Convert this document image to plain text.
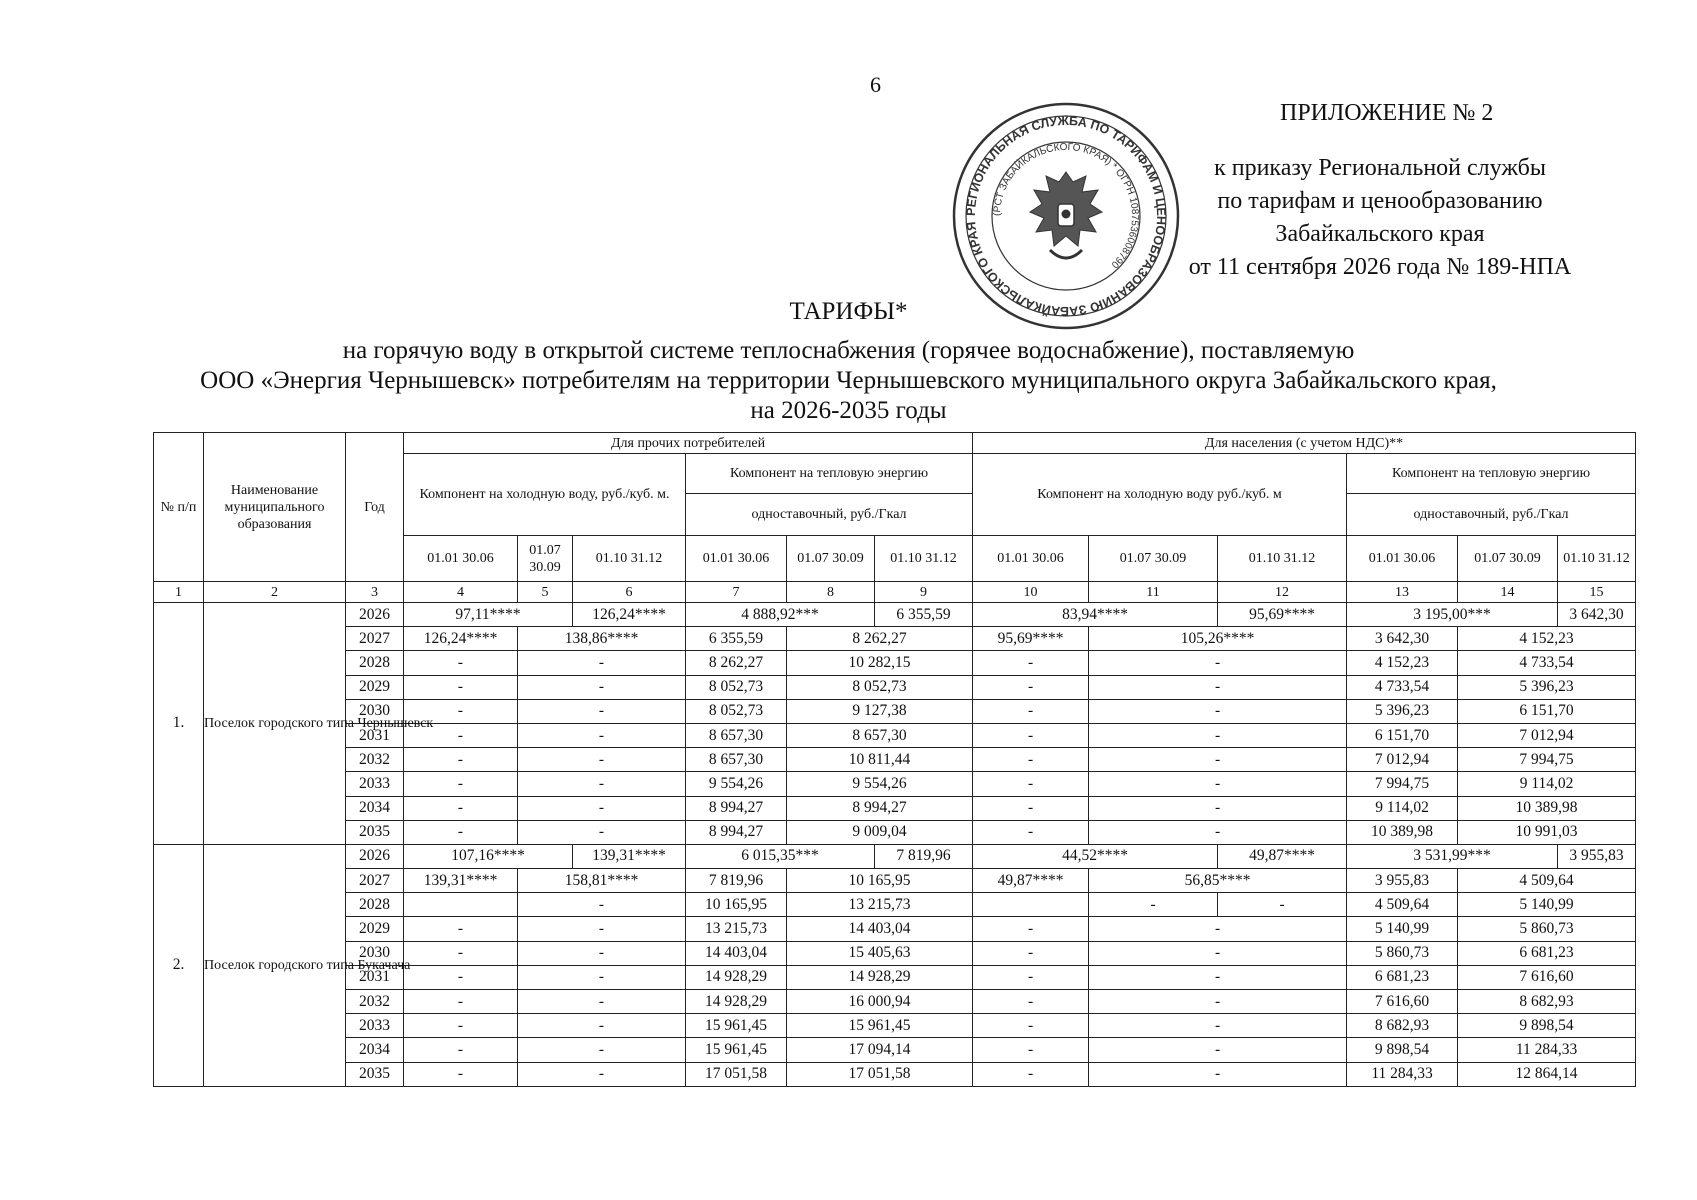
6
РЕГИОНАЛЬНАЯ СЛУЖБА ПО ТАРИФАМ И ЦЕНООБРАЗОВАНИЮ ЗАБАЙКАЛЬСКОГО КРАЯ
(РСТ ЗАБАЙКАЛЬСКОГО КРАЯ) * ОГРН 1087536008790
ПРИЛОЖЕНИЕ № 2
к приказу Региональной службы
по тарифам и ценообразованию
Забайкальского края
от 11 сентября 2026 года № 189-НПА
ТАРИФЫ*
на горячую воду в открытой системе теплоснабжения (горячее водоснабжение), поставляемую
ООО «Энергия Чернышевск» потребителям на территории Чернышевского муниципального округа Забайкальского края,
на 2026-2035 годы
№ п/п	Наименование муниципального образования	Год	Для прочих потребителей						Для населения (с учетом НДС)**					
			Компонент на холодную воду, руб./куб. м.			Компонент на тепловую энергию			Компонент на холодную воду руб./куб. м			Компонент на тепловую энергию		
						одноставочный, руб./Гкал						одноставочный, руб./Гкал		
			01.01 30.06	01.07 30.09	01.10 31.12	01.01 30.06	01.07 30.09	01.10 31.12	01.01 30.06	01.07 30.09	01.10 31.12	01.01 30.06	01.07 30.09	01.10 31.12
1	2	3	4	5	6	7	8	9	10	11	12	13	14	15
1.	Поселок городского типа Чернышевск	2026	97,11****		126,24****	4 888,92***		6 355,59	83,94****		95,69****	3 195,00***		3 642,30
		2027	126,24****	138,86****		6 355,59	8 262,27		95,69****	105,26****		3 642,30	4 152,23	
		2028	-	-		8 262,27	10 282,15		-	-		4 152,23	4 733,54	
		2029	-	-		8 052,73	8 052,73		-	-		4 733,54	5 396,23	
		2030	-	-		8 052,73	9 127,38		-	-		5 396,23	6 151,70	
		2031	-	-		8 657,30	8 657,30		-	-		6 151,70	7 012,94	
		2032	-	-		8 657,30	10 811,44		-	-		7 012,94	7 994,75	
		2033	-	-		9 554,26	9 554,26		-	-		7 994,75	9 114,02	
		2034	-	-		8 994,27	8 994,27		-	-		9 114,02	10 389,98	
		2035	-	-		8 994,27	9 009,04		-	-		10 389,98	10 991,03	
2.	Поселок городского типа Букачача	2026	107,16****		139,31****	6 015,35***		7 819,96	44,52****		49,87****	3 531,99***		3 955,83
		2027	139,31****	158,81****		7 819,96	10 165,95		49,87****	56,85****		3 955,83	4 509,64	
		2028		-		10 165,95	13 215,73			-	-	4 509,64	5 140,99	
		2029	-	-		13 215,73	14 403,04		-	-		5 140,99	5 860,73	
		2030	-	-		14 403,04	15 405,63		-	-		5 860,73	6 681,23	
		2031	-	-		14 928,29	14 928,29		-	-		6 681,23	7 616,60	
		2032	-	-		14 928,29	16 000,94		-	-		7 616,60	8 682,93	
		2033	-	-		15 961,45	15 961,45		-	-		8 682,93	9 898,54	
		2034	-	-		15 961,45	17 094,14		-	-		9 898,54	11 284,33	
		2035	-	-		17 051,58	17 051,58		-	-		11 284,33	12 864,14	
